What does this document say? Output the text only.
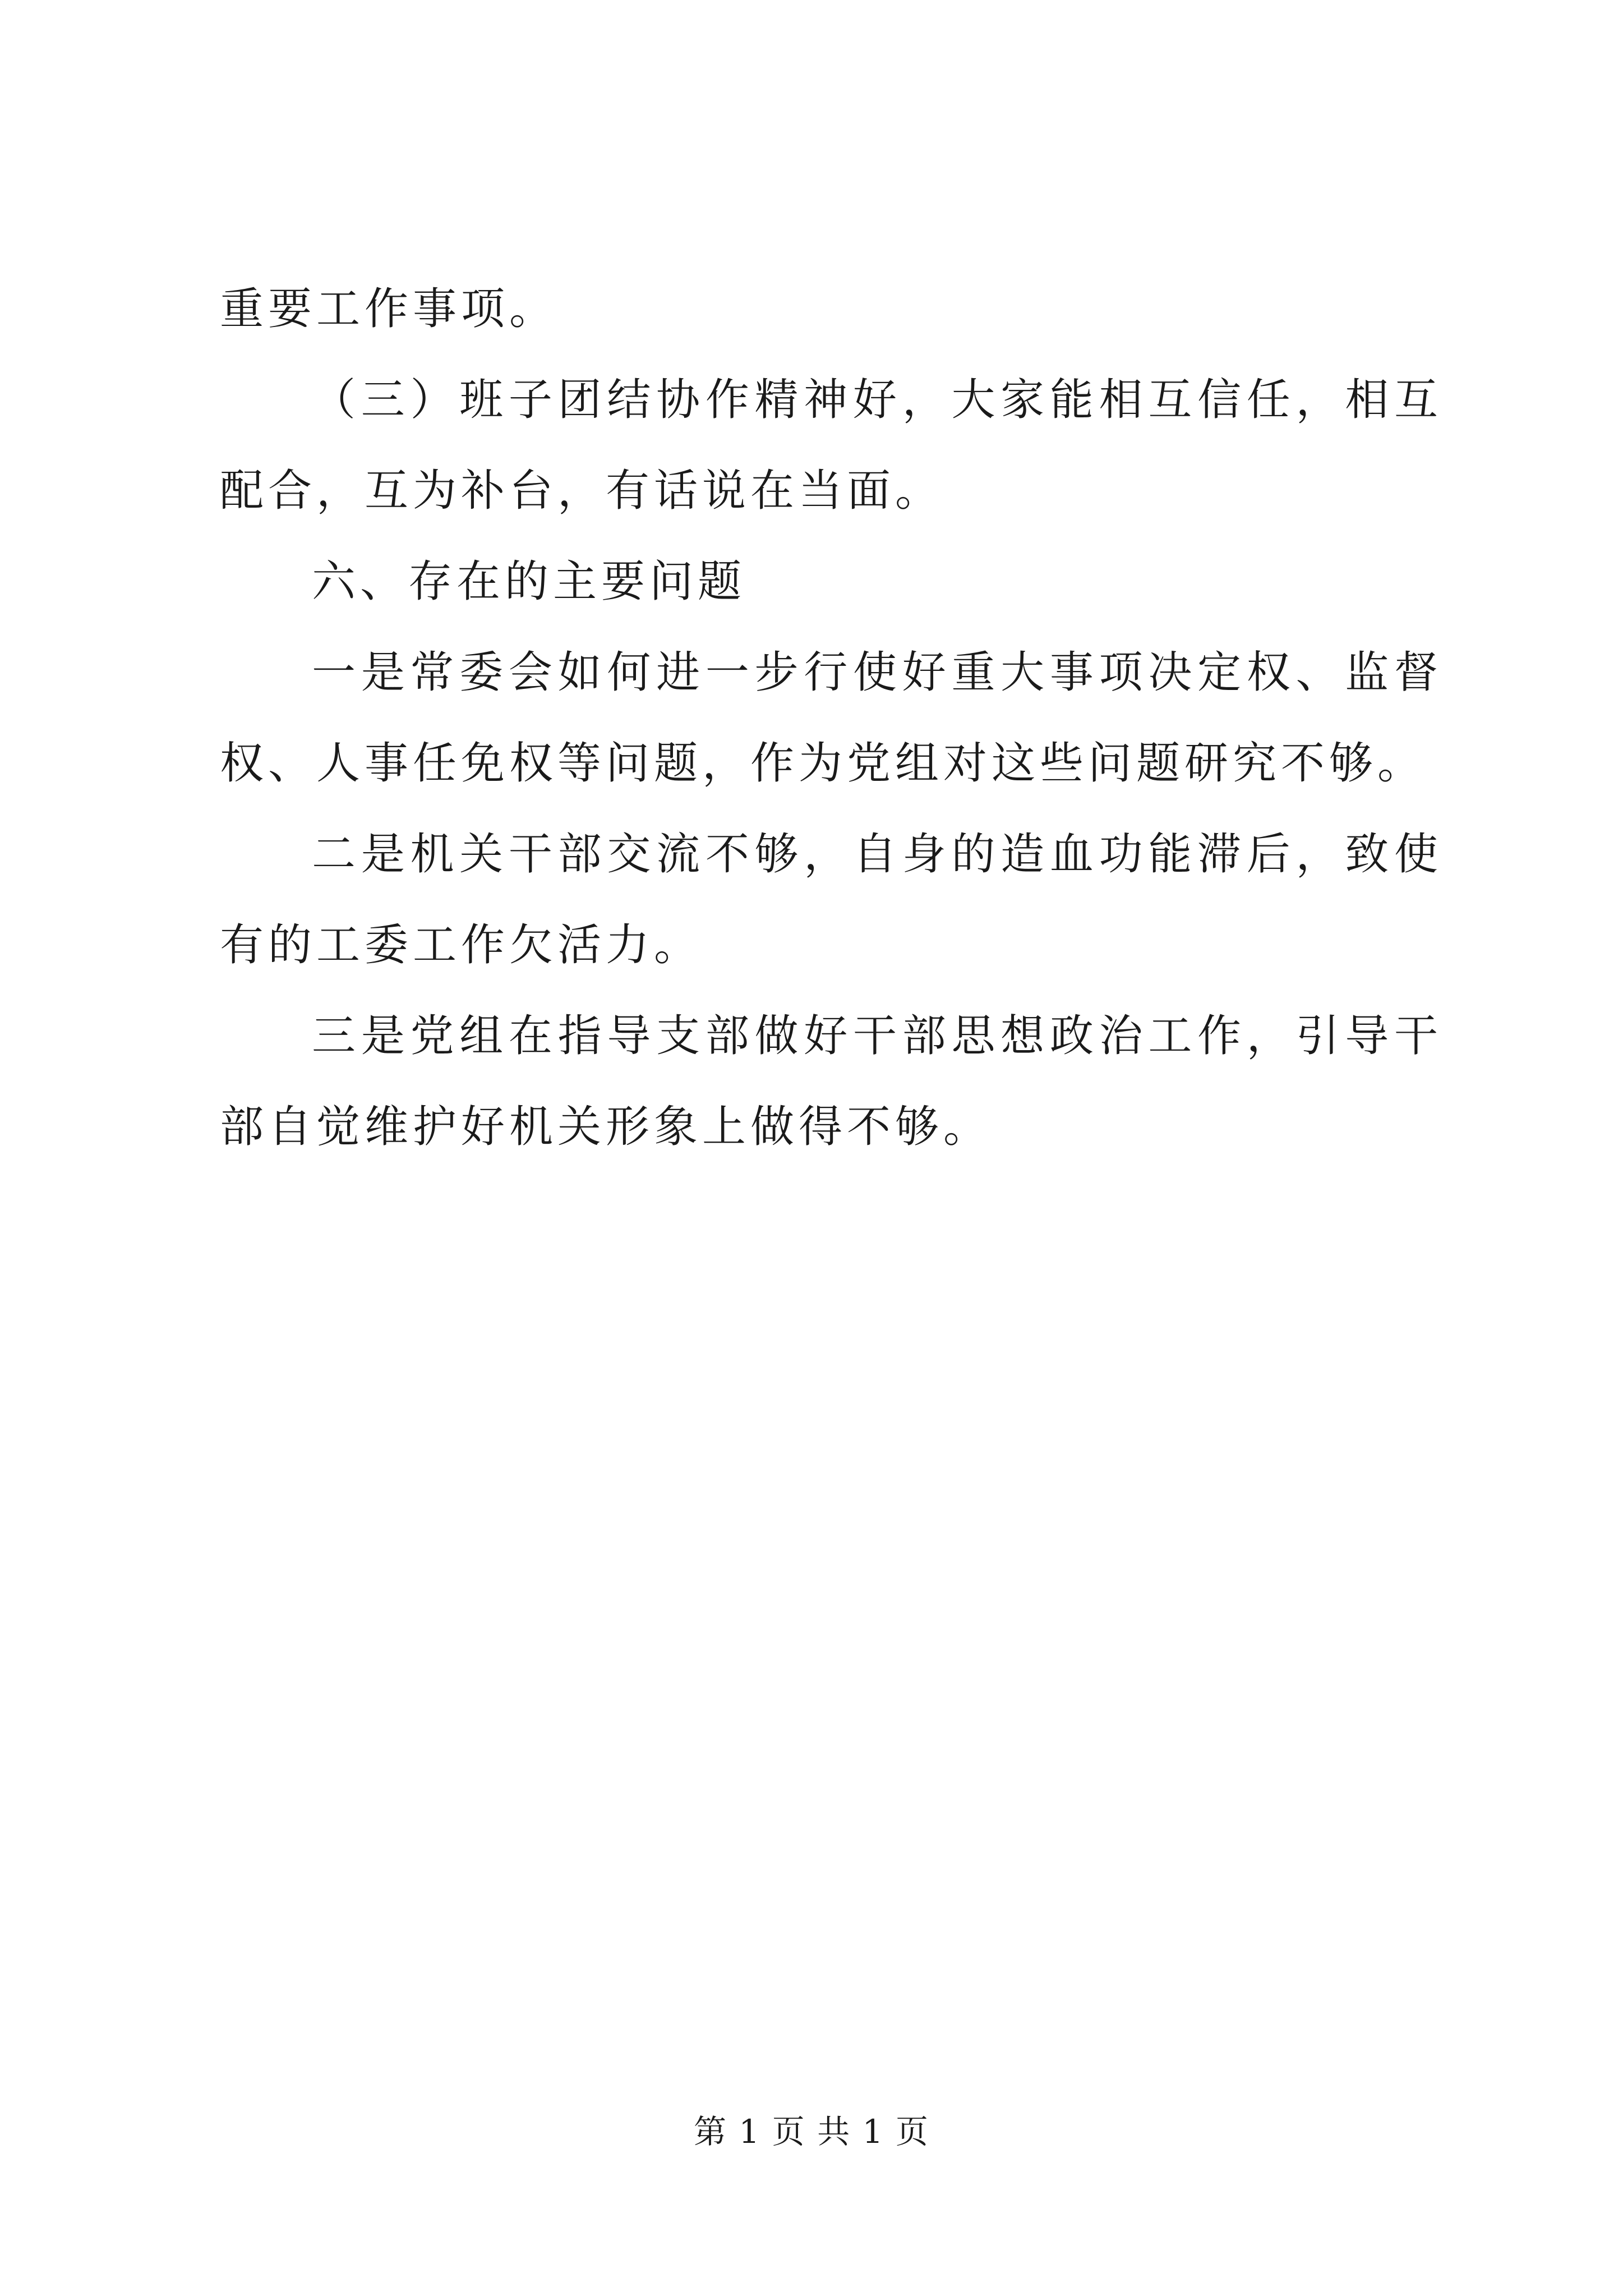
重要工作事项。

（三）班子团结协作精神好，大家能相互信任，相互配合，互为补台，有话说在当面。

六、存在的主要问题

一是常委会如何进一步行使好重大事项决定权、监督权、人事任免权等问题，作为党组对这些问题研究不够。

二是机关干部交流不够，自身的造血功能滞后，致使有的工委工作欠活力。

三是党组在指导支部做好干部思想政治工作，引导干部自觉维护好机关形象上做得不够。

第 1 页 共 1 页
